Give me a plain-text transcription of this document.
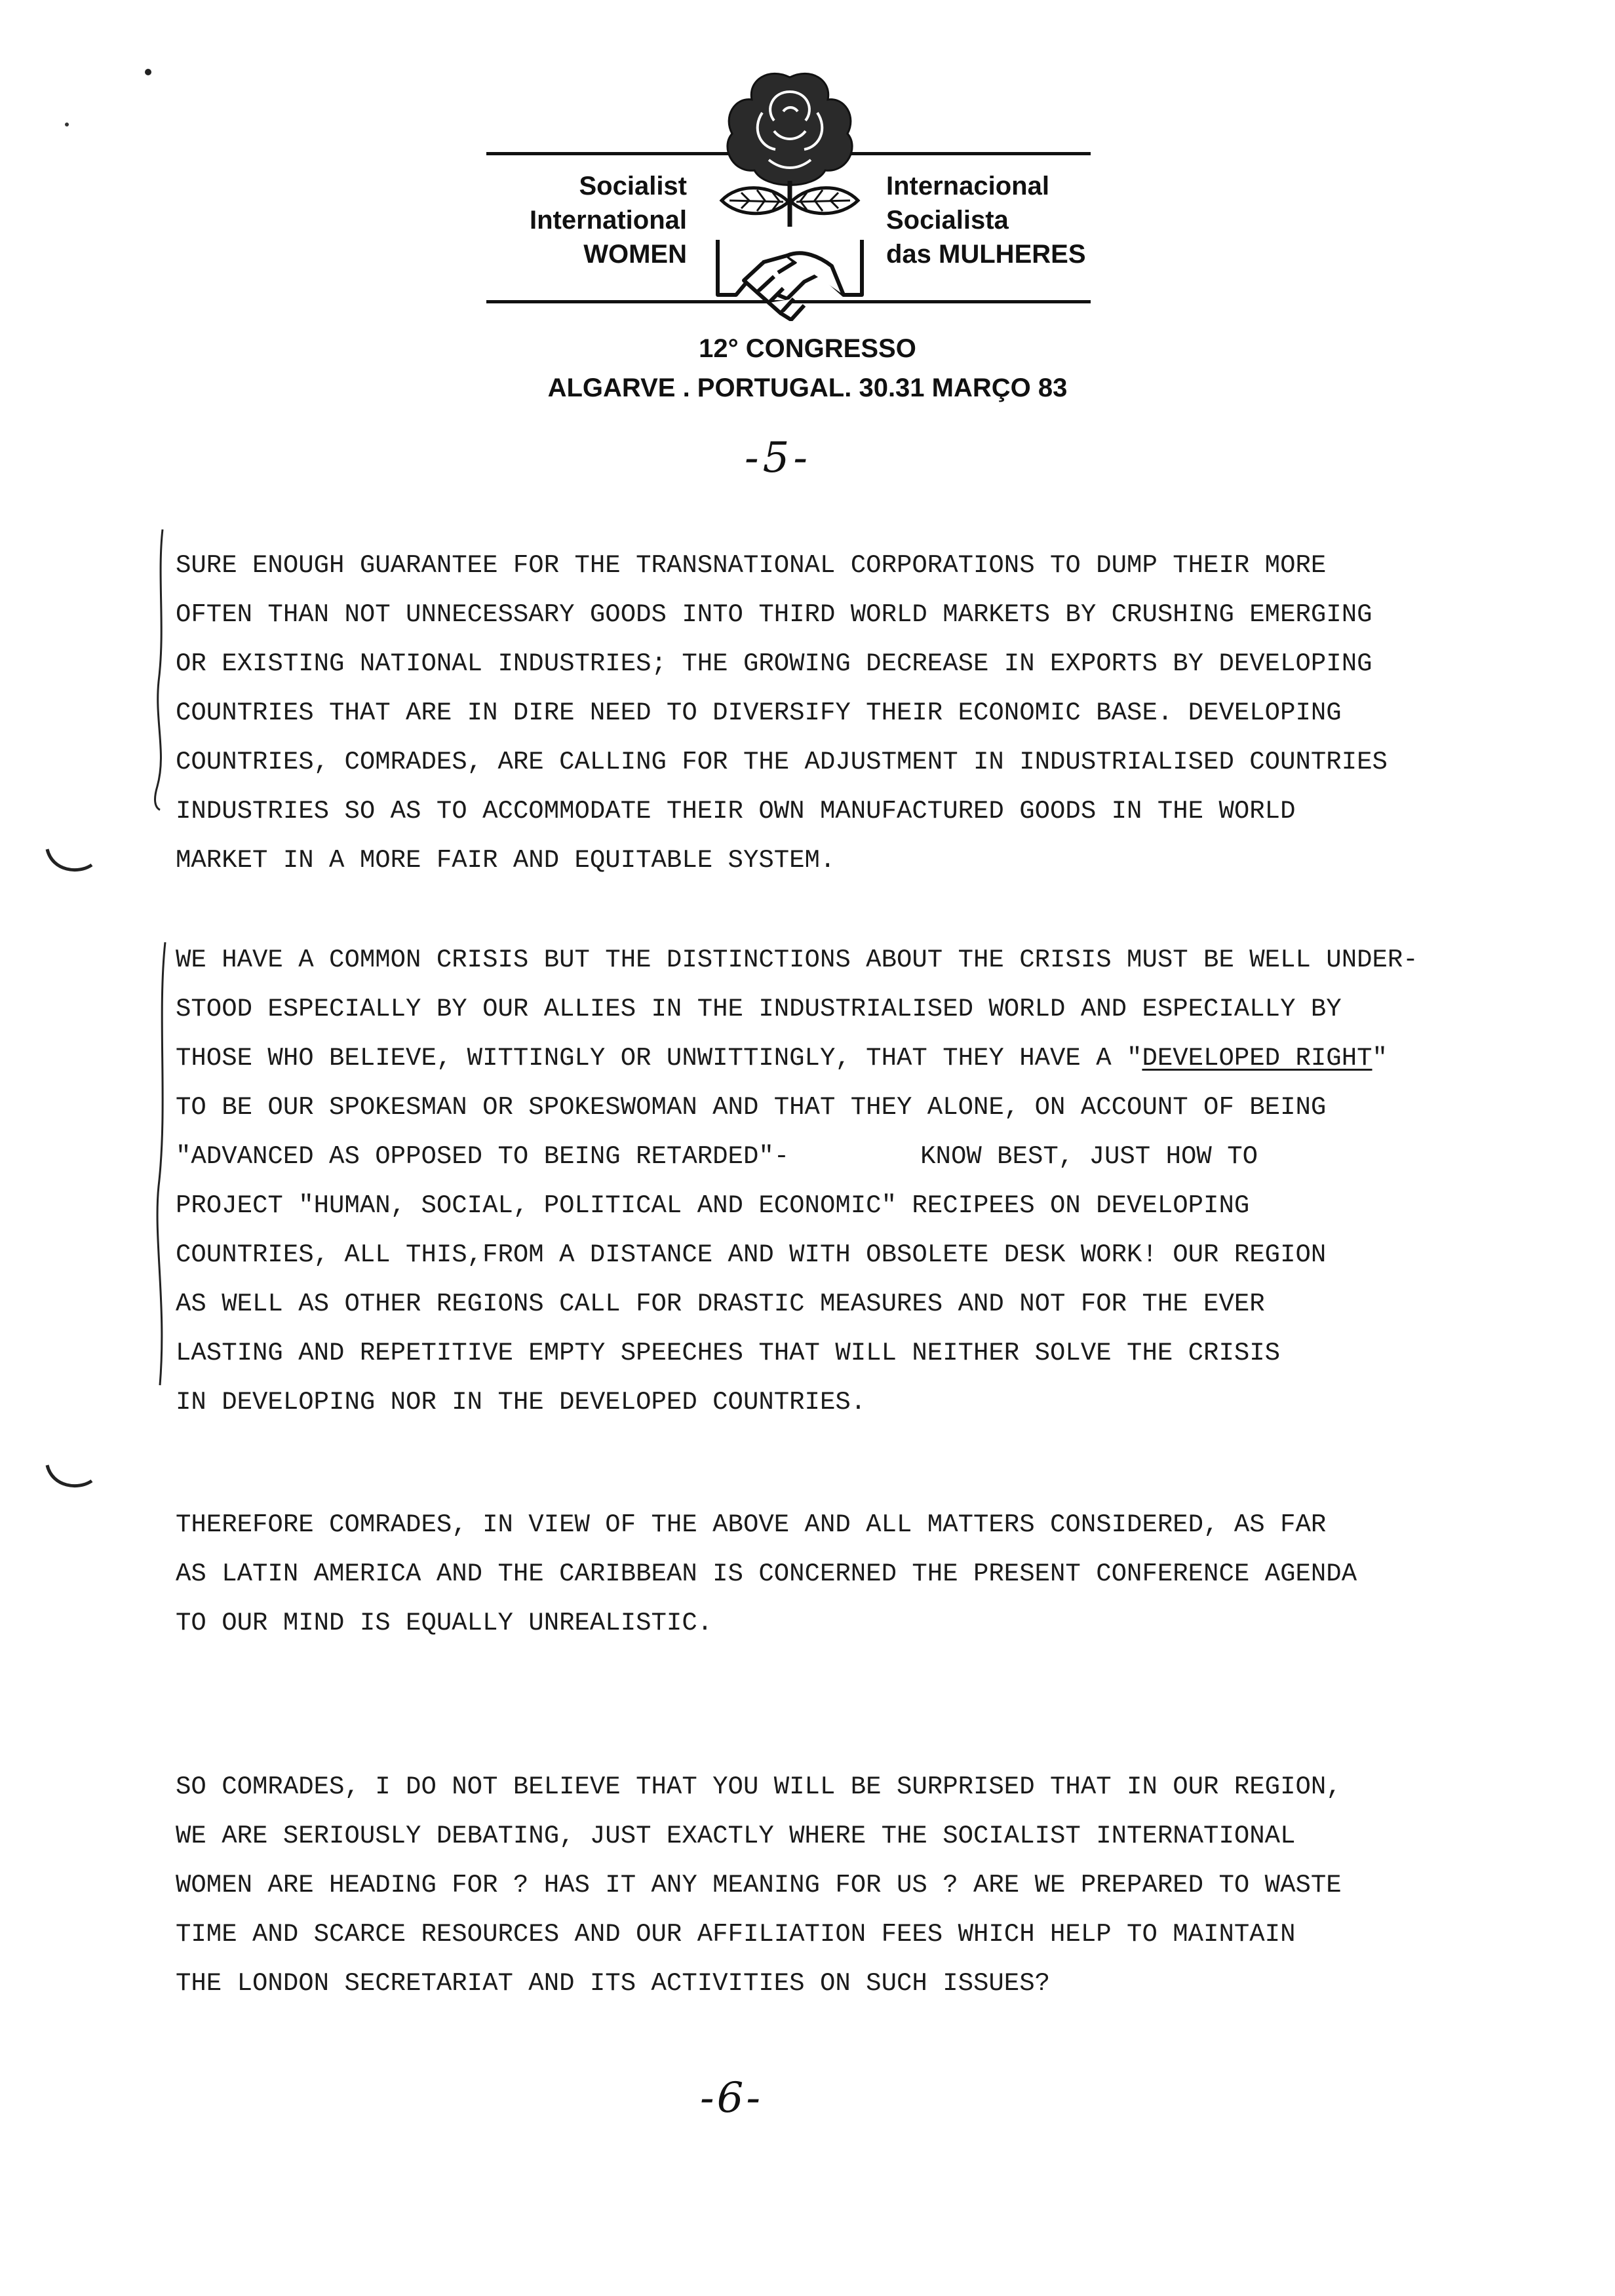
Socialist
International
WOMEN
Internacional
Socialista
das MULHERES
12° CONGRESSO
ALGARVE . PORTUGAL. 30.31 MARÇO 83
-5-
SURE ENOUGH GUARANTEE FOR THE TRANSNATIONAL CORPORATIONS TO DUMP THEIR MORE
OFTEN THAN NOT UNNECESSARY GOODS INTO THIRD WORLD MARKETS BY CRUSHING EMERGING
OR EXISTING NATIONAL INDUSTRIES; THE GROWING DECREASE IN EXPORTS BY DEVELOPING
COUNTRIES THAT ARE IN DIRE NEED TO DIVERSIFY THEIR ECONOMIC BASE. DEVELOPING
COUNTRIES, COMRADES, ARE CALLING FOR THE ADJUSTMENT IN INDUSTRIALISED COUNTRIES
INDUSTRIES SO AS TO ACCOMMODATE THEIR OWN MANUFACTURED GOODS IN THE WORLD
MARKET IN A MORE FAIR AND EQUITABLE SYSTEM.
WE HAVE A COMMON CRISIS BUT THE DISTINCTIONS ABOUT THE CRISIS MUST BE WELL UNDER-
STOOD ESPECIALLY BY OUR ALLIES IN THE INDUSTRIALISED WORLD AND ESPECIALLY BY
THOSE WHO BELIEVE, WITTINGLY OR UNWITTINGLY, THAT THEY HAVE A "DEVELOPED RIGHT"
TO BE OUR SPOKESMAN OR SPOKESWOMAN AND THAT THEY ALONE, ON ACCOUNT OF BEING
"ADVANCED AS OPPOSED TO BEING RETARDED"-	KNOW BEST, JUST HOW TO
PROJECT "HUMAN, SOCIAL, POLITICAL AND ECONOMIC" RECIPEES ON DEVELOPING
COUNTRIES, ALL THIS,FROM A DISTANCE AND WITH OBSOLETE DESK WORK! OUR REGION
AS WELL AS OTHER REGIONS CALL FOR DRASTIC MEASURES AND NOT FOR THE EVER
LASTING AND REPETITIVE EMPTY SPEECHES THAT WILL NEITHER SOLVE THE CRISIS
IN DEVELOPING NOR IN THE DEVELOPED COUNTRIES.
THEREFORE COMRADES, IN VIEW OF THE ABOVE AND ALL MATTERS CONSIDERED, AS FAR
AS LATIN AMERICA AND THE CARIBBEAN IS CONCERNED THE PRESENT CONFERENCE AGENDA
TO OUR MIND IS EQUALLY UNREALISTIC.
SO COMRADES, I DO NOT BELIEVE THAT YOU WILL BE SURPRISED THAT IN OUR REGION,
WE ARE SERIOUSLY DEBATING, JUST EXACTLY WHERE THE SOCIALIST INTERNATIONAL
WOMEN ARE HEADING FOR ? HAS IT ANY MEANING FOR US ? ARE WE PREPARED TO WASTE
TIME AND SCARCE RESOURCES AND OUR AFFILIATION FEES WHICH HELP TO MAINTAIN
THE LONDON SECRETARIAT AND ITS ACTIVITIES ON SUCH ISSUES?
-6-
